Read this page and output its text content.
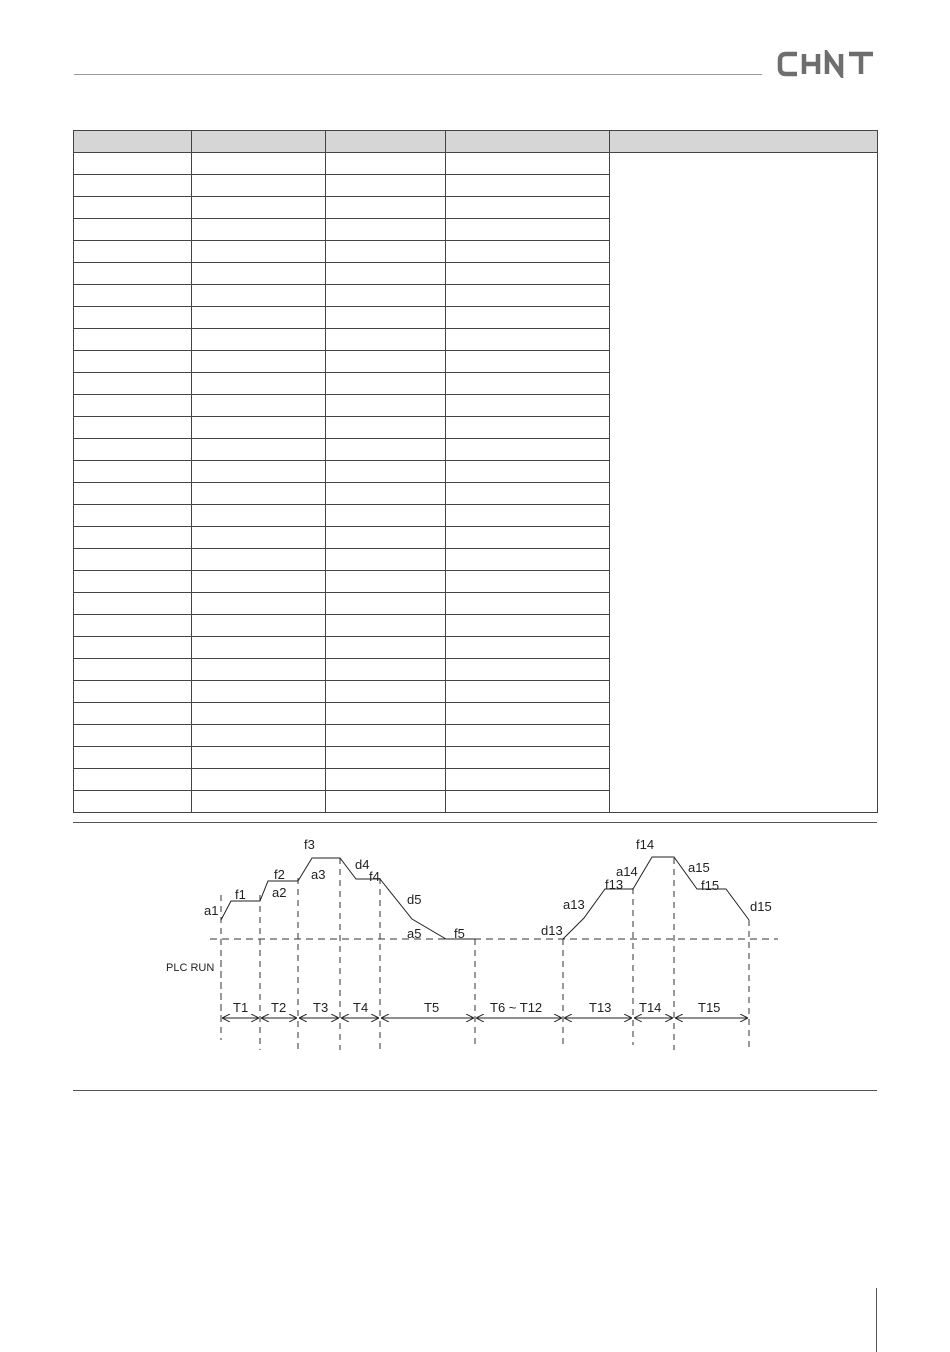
f3
d4
f4
f2
a2
a3
f1
a1
d5
a5	f5
f14
a14
f13
a13
d13
a15
f15
d15
PLC RUN
T1 T2 T3 T4	T5	T6 ~ T12	T13 T14	T15
